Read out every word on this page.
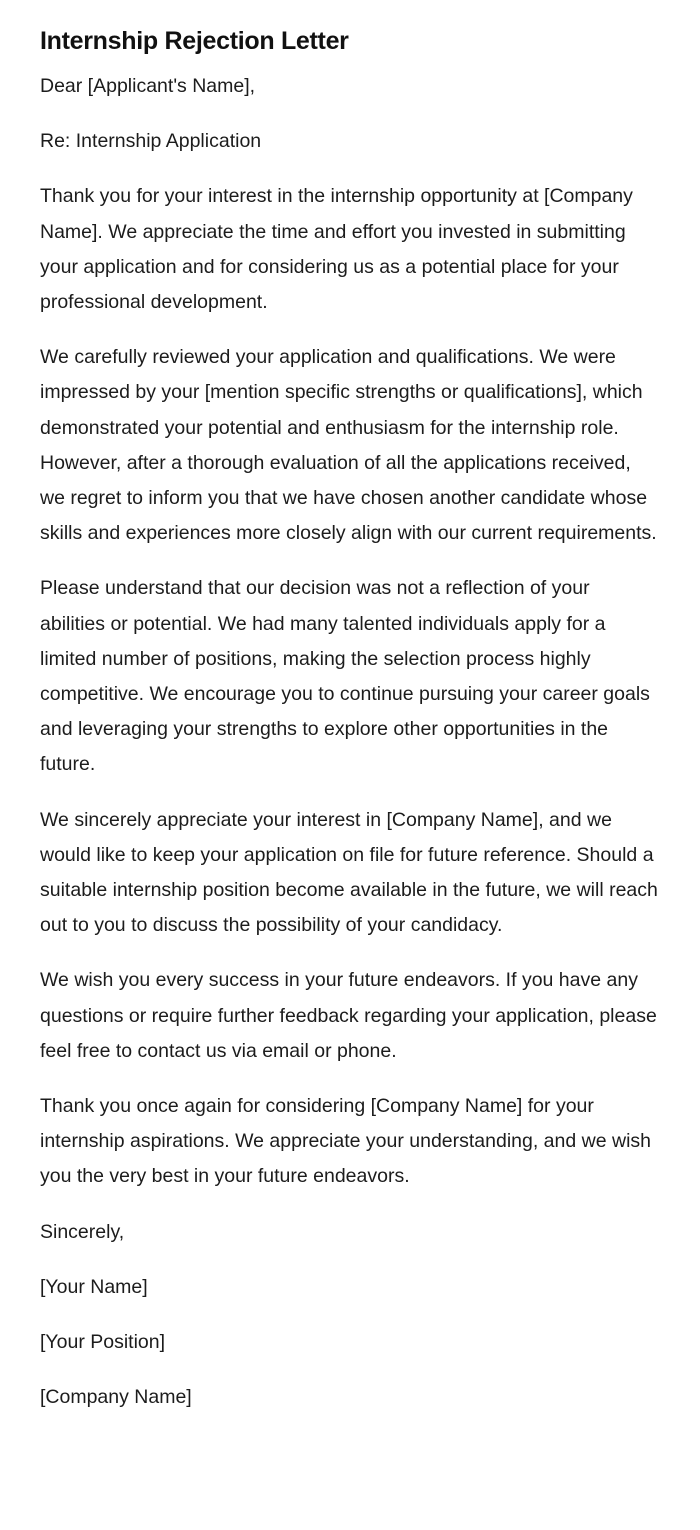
Internship Rejection Letter

Dear [Applicant's Name],

Re: Internship Application

Thank you for your interest in the internship opportunity at [Company Name]. We appreciate the time and effort you invested in submitting your application and for considering us as a potential place for your professional development.

We carefully reviewed your application and qualifications. We were impressed by your [mention specific strengths or qualifications], which demonstrated your potential and enthusiasm for the internship role. However, after a thorough evaluation of all the applications received, we regret to inform you that we have chosen another candidate whose skills and experiences more closely align with our current requirements.

Please understand that our decision was not a reflection of your abilities or potential. We had many talented individuals apply for a limited number of positions, making the selection process highly competitive. We encourage you to continue pursuing your career goals and leveraging your strengths to explore other opportunities in the future.

We sincerely appreciate your interest in [Company Name], and we would like to keep your application on file for future reference. Should a suitable internship position become available in the future, we will reach out to you to discuss the possibility of your candidacy.

We wish you every success in your future endeavors. If you have any questions or require further feedback regarding your application, please feel free to contact us via email or phone.

Thank you once again for considering [Company Name] for your internship aspirations. We appreciate your understanding, and we wish you the very best in your future endeavors.

Sincerely,

[Your Name]

[Your Position]

[Company Name]
